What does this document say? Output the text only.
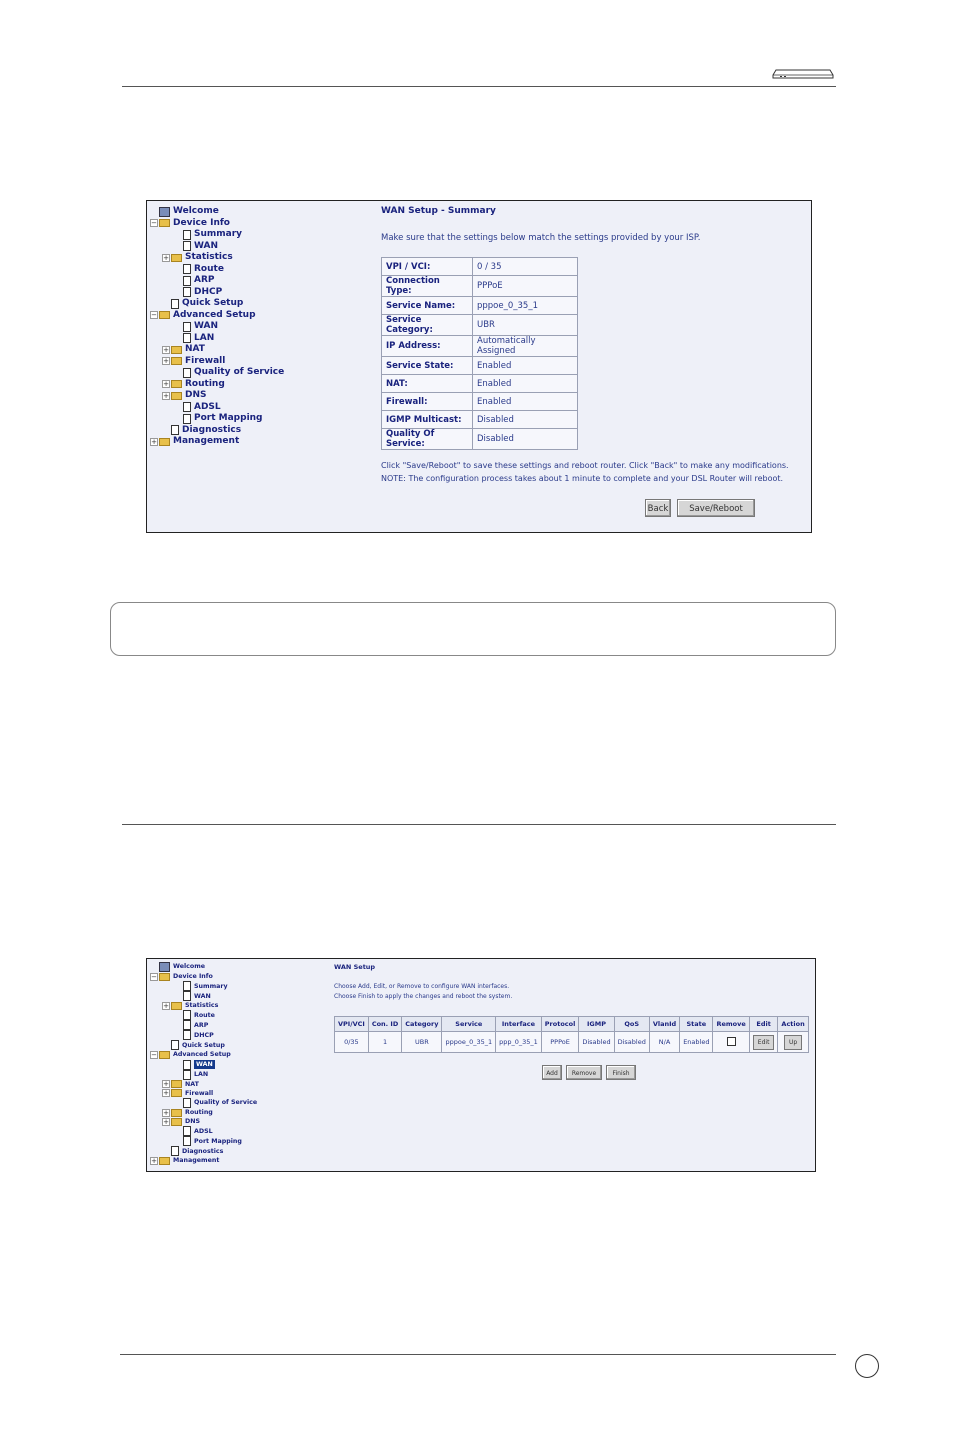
Welcome
− Device Info
Summary
WAN
+ Statistics
Route
ARP
DHCP
Quick Setup
− Advanced Setup
WAN
LAN
+ NAT
+ Firewall
Quality of Service
+ Routing
+ DNS
ADSL
Port Mapping
Diagnostics
+ Management
WAN Setup - Summary
Make sure that the settings below match the settings provided by your ISP.
VPI / VCI:	0 / 35
Connection Type:	PPPoE
Service Name:	pppoe_0_35_1
Service Category:	UBR
IP Address:	Automatically Assigned
Service State:	Enabled
NAT:	Enabled
Firewall:	Enabled
IGMP Multicast:	Disabled
Quality Of Service:	Disabled
Click "Save/Reboot" to save these settings and reboot router. Click "Back" to make any modifications.
NOTE: The configuration process takes about 1 minute to complete and your DSL Router will reboot.
Back	Save/Reboot
Welcome
−	Device Info
Summary
WAN
+	Statistics
Route
ARP
DHCP
Quick Setup
−	Advanced Setup
WAN
LAN
+	NAT
+	Firewall
Quality of Service
+	Routing
+	DNS
ADSL
Port Mapping
Diagnostics
+	Management
WAN Setup
Choose Add, Edit, or Remove to configure WAN interfaces.
Choose Finish to apply the changes and reboot the system.
VPI/VCI	Con. ID	Category	Service	Interface	Protocol	IGMP	QoS	VlanId	State	Remove	Edit	Action
0/35	1	UBR	pppoe_0_35_1	ppp_0_35_1	PPPoE	Disabled	Disabled	N/A	Enabled		Edit	Up
Add	Remove	Finish
